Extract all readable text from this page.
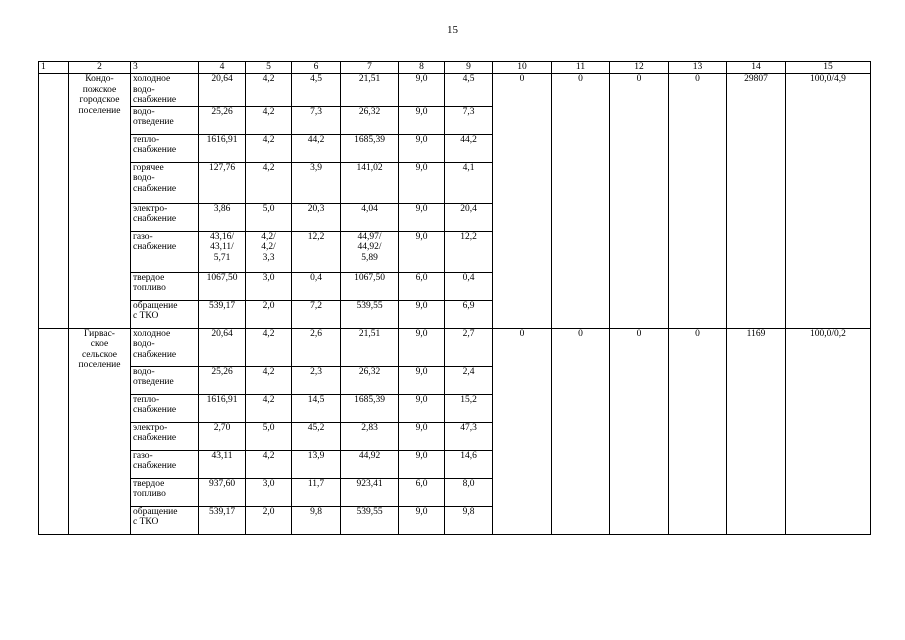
15
1	2	3	4	5	6	7	8	9	10	11	12	13	14	15
	Кондо-
пожское
городское
поселение	холодное
водо-
снабжение	20,64	4,2	4,5	21,51	9,0	4,5	0	0	0	0	29807	100,0/4,9
		водо-
отведение	25,26	4,2	7,3	26,32	9,0	7,3						
		тепло-
снабжение	1616,91	4,2	44,2	1685,39	9,0	44,2						
		горячее
водо-
снабжение	127,76	4,2	3,9	141,02	9,0	4,1						
		электро-
снабжение	3,86	5,0	20,3	4,04	9,0	20,4						
		газо-
снабжение	43,16/
43,11/
5,71	4,2/
4,2/
3,3	12,2	44,97/
44,92/
5,89	9,0	12,2						
		твердое
топливо	1067,50	3,0	0,4	1067,50	6,0	0,4						
		обращение
с ТКО	539,17	2,0	7,2	539,55	9,0	6,9						
	Гирвас-
ское
сельское
поселение	холодное
водо-
снабжение	20,64	4,2	2,6	21,51	9,0	2,7	0	0	0	0	1169	100,0/0,2
		водо-
отведение	25,26	4,2	2,3	26,32	9,0	2,4						
		тепло-
снабжение	1616,91	4,2	14,5	1685,39	9,0	15,2						
		электро-
снабжение	2,70	5,0	45,2	2,83	9,0	47,3						
		газо-
снабжение	43,11	4,2	13,9	44,92	9,0	14,6						
		твердое
топливо	937,60	3,0	11,7	923,41	6,0	8,0						
		обращение
с ТКО	539,17	2,0	9,8	539,55	9,0	9,8						
